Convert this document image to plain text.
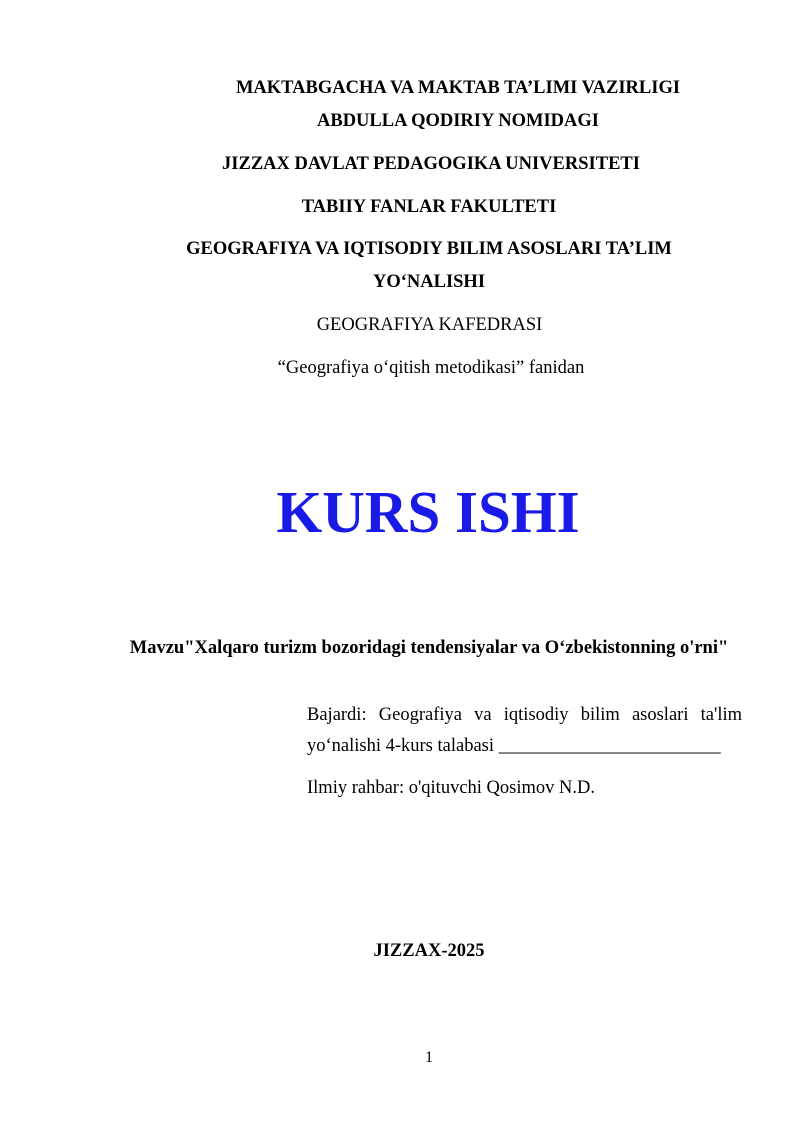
MAKTABGACHA VA MAKTAB TA’LIMI VAZIRLIGI
ABDULLA QODIRIY NOMIDAGI
JIZZAX DAVLAT PEDAGOGIKA UNIVERSITETI
TABIIY FANLAR FAKULTETI
GEOGRAFIYA VA IQTISODIY BILIM ASOSLARI TA’LIM
YO‘NALISHI
GEOGRAFIYA KAFEDRASI
“Geografiya o‘qitish metodikasi” fanidan
KURS ISHI
Mavzu"Xalqaro turizm bozoridagi tendensiyalar va O‘zbekistonning o'rni"
Bajardi: Geografiya va iqtisodiy bilim asoslari ta'lim yo‘nalishi 4-kurs talabasi ________________________
Ilmiy rahbar: o'qituvchi Qosimov N.D.
JIZZAX-2025
1
